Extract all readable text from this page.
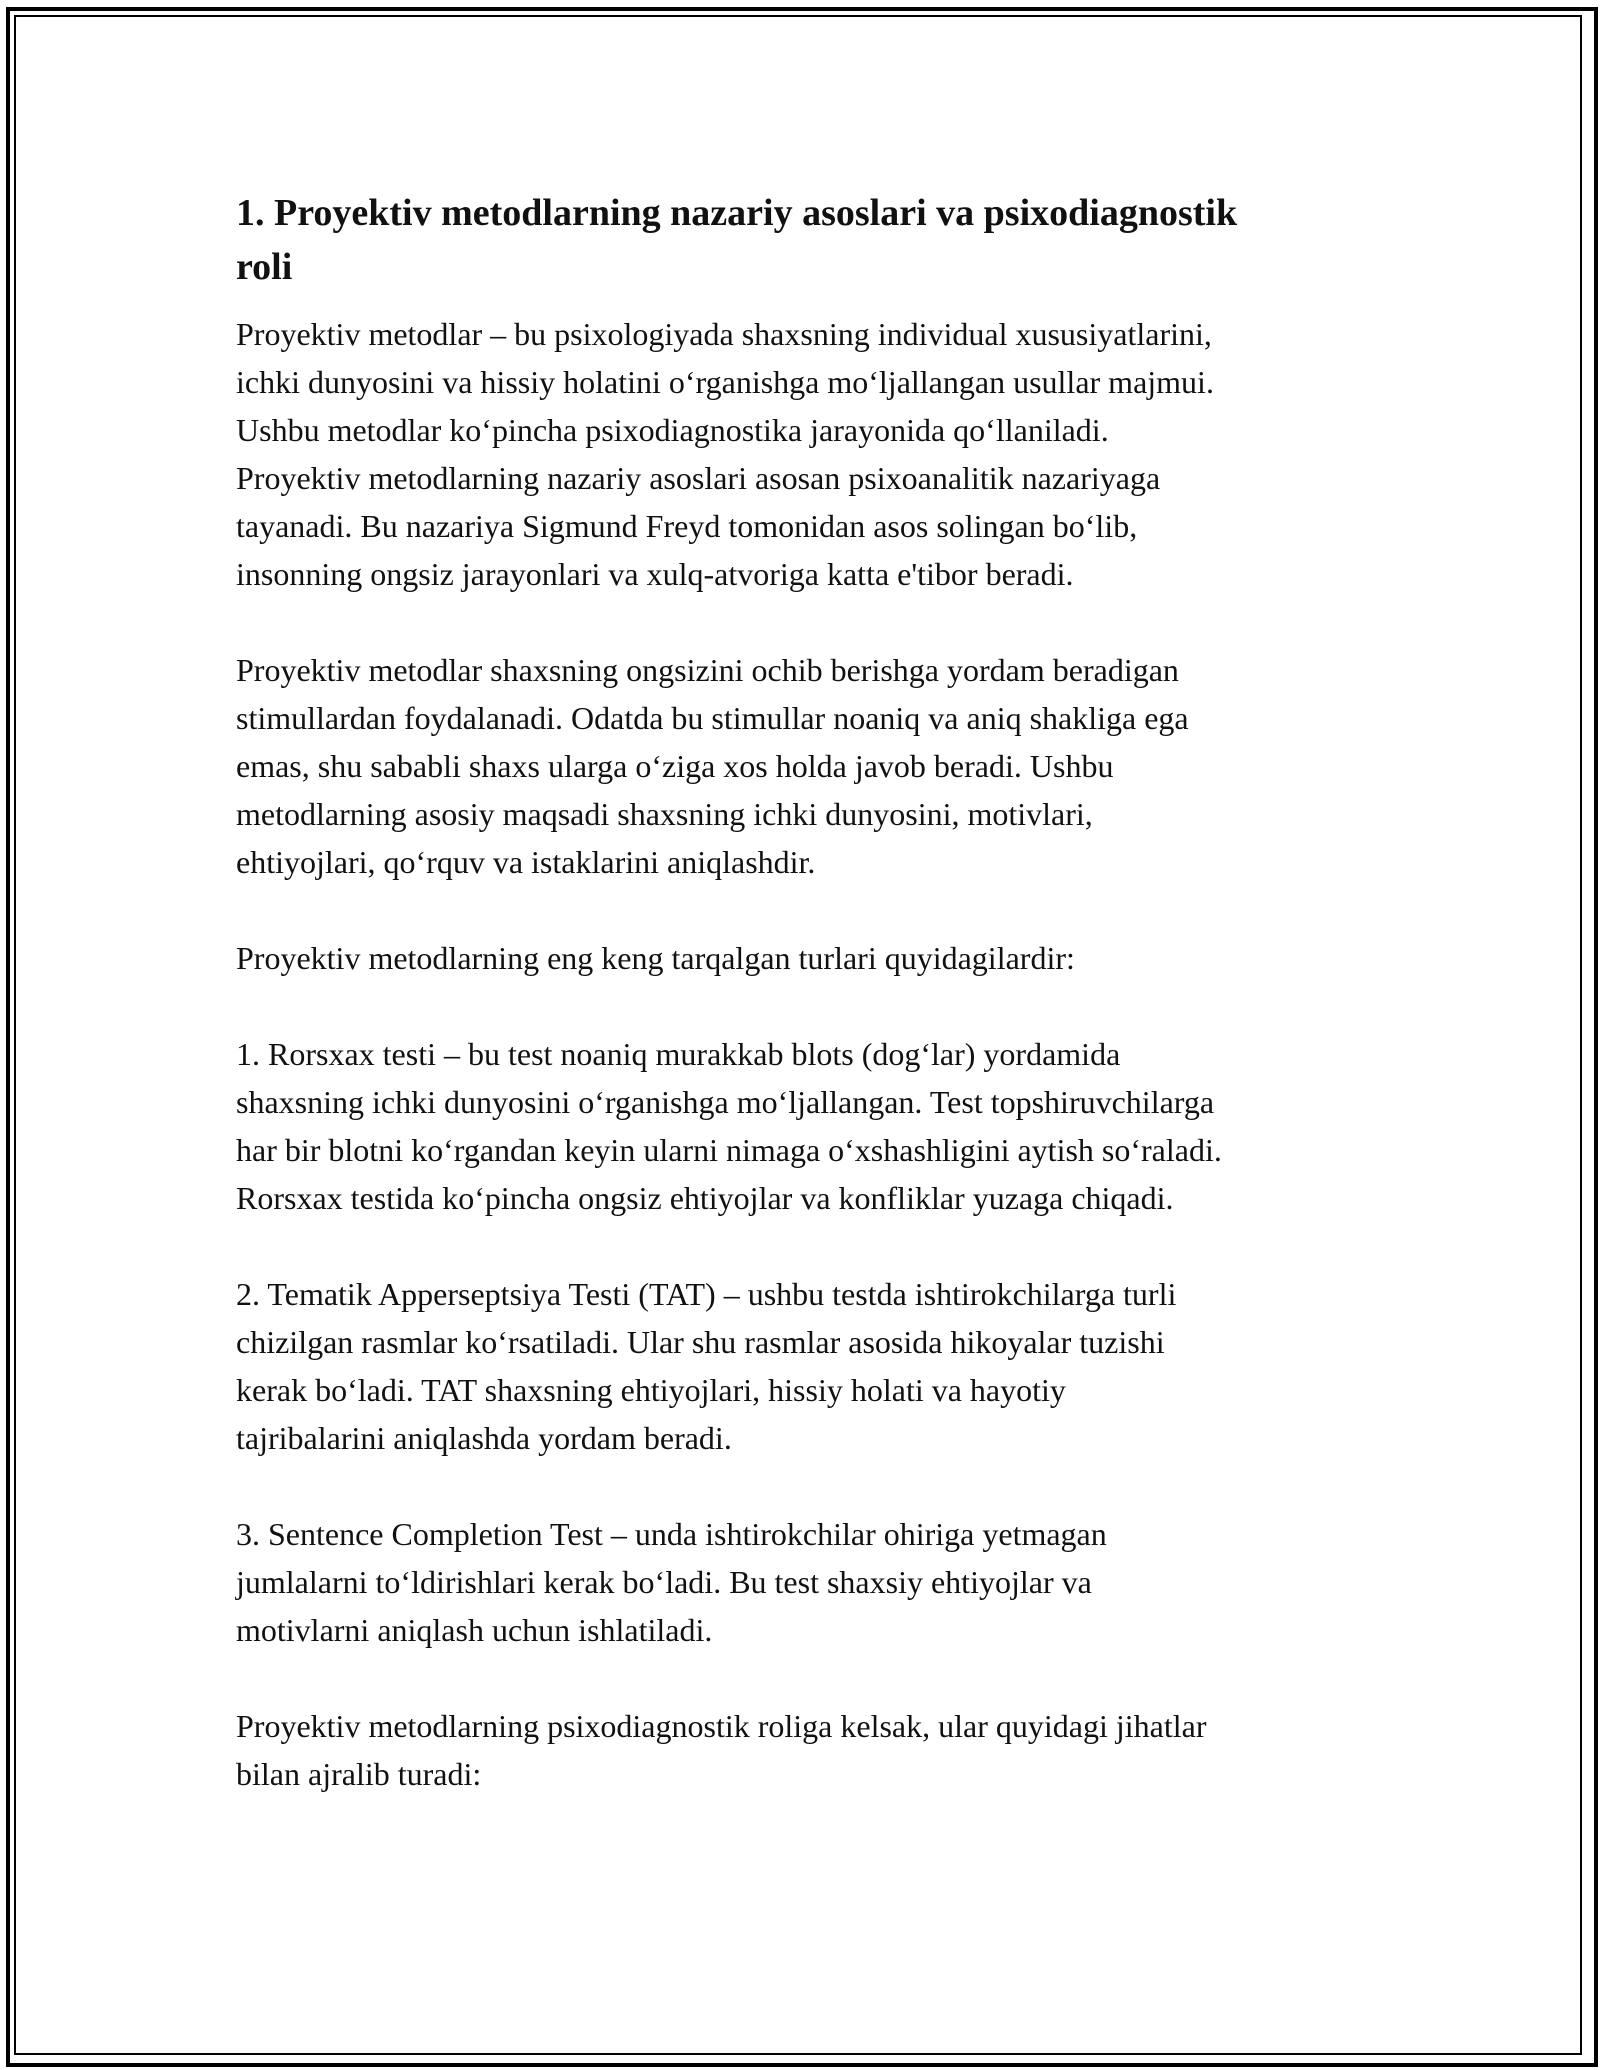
1. Proyektiv metodlarning nazariy asoslari va psixodiagnostik
roli

Proyektiv metodlar – bu psixologiyada shaxsning individual xususiyatlarini,
ichki dunyosini va hissiy holatini o‘rganishga mo‘ljallangan usullar majmui.
Ushbu metodlar ko‘pincha psixodiagnostika jarayonida qo‘llaniladi.
Proyektiv metodlarning nazariy asoslari asosan psixoanalitik nazariyaga
tayanadi. Bu nazariya Sigmund Freyd tomonidan asos solingan bo‘lib,
insonning ongsiz jarayonlari va xulq-atvoriga katta e'tibor beradi.

Proyektiv metodlar shaxsning ongsizini ochib berishga yordam beradigan
stimullardan foydalanadi. Odatda bu stimullar noaniq va aniq shakliga ega
emas, shu sababli shaxs ularga o‘ziga xos holda javob beradi. Ushbu
metodlarning asosiy maqsadi shaxsning ichki dunyosini, motivlari,
ehtiyojlari, qo‘rquv va istaklarini aniqlashdir.

Proyektiv metodlarning eng keng tarqalgan turlari quyidagilardir:

1. Rorsxax testi – bu test noaniq murakkab blots (dog‘lar) yordamida
shaxsning ichki dunyosini o‘rganishga mo‘ljallangan. Test topshiruvchilarga
har bir blotni ko‘rgandan keyin ularni nimaga o‘xshashligini aytish so‘raladi.
Rorsxax testida ko‘pincha ongsiz ehtiyojlar va konfliklar yuzaga chiqadi.

2. Tematik Apperseptsiya Testi (TAT) – ushbu testda ishtirokchilarga turli
chizilgan rasmlar ko‘rsatiladi. Ular shu rasmlar asosida hikoyalar tuzishi
kerak bo‘ladi. TAT shaxsning ehtiyojlari, hissiy holati va hayotiy
tajribalarini aniqlashda yordam beradi.

3. Sentence Completion Test – unda ishtirokchilar ohiriga yetmagan
jumlalarni to‘ldirishlari kerak bo‘ladi. Bu test shaxsiy ehtiyojlar va
motivlarni aniqlash uchun ishlatiladi.

Proyektiv metodlarning psixodiagnostik roliga kelsak, ular quyidagi jihatlar
bilan ajralib turadi:
